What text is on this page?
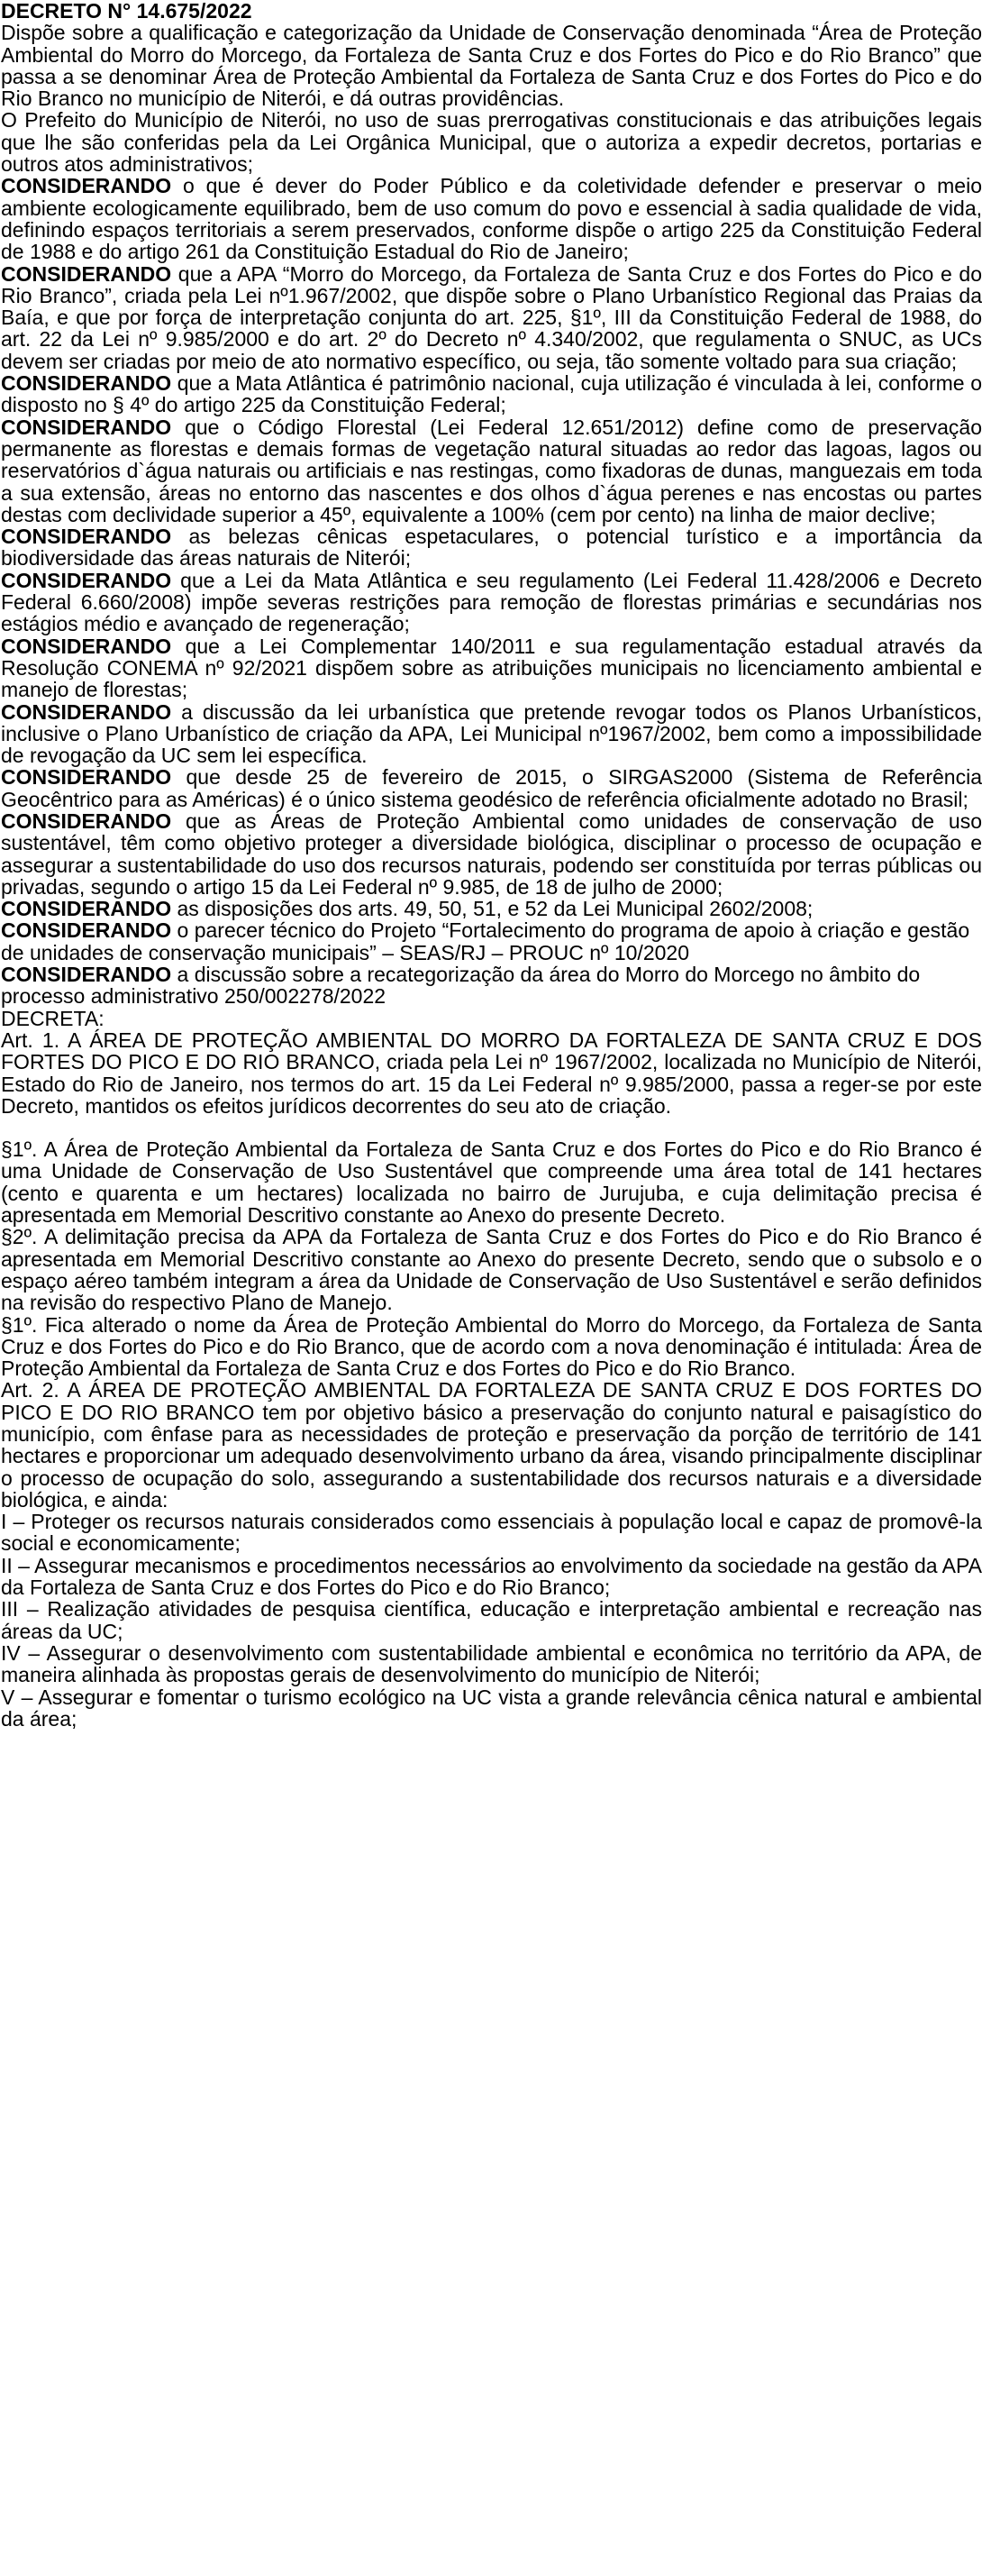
DECRETO N° 14.675/2022

Dispõe sobre a qualificação e categorização da Unidade de Conservação denominada “Área de Proteção Ambiental do Morro do Morcego, da Fortaleza de Santa Cruz e dos Fortes do Pico e do Rio Branco” que passa a se denominar Área de Proteção Ambiental da Fortaleza de Santa Cruz e dos Fortes do Pico e do Rio Branco no município de Niterói, e dá outras providências.

O Prefeito do Município de Niterói, no uso de suas prerrogativas constitucionais e das atribuições legais que lhe são conferidas pela da Lei Orgânica Municipal, que o autoriza a expedir decretos, portarias e outros atos administrativos;

CONSIDERANDO o que é dever do Poder Público e da coletividade defender e preservar o meio ambiente ecologicamente equilibrado, bem de uso comum do povo e essencial à sadia qualidade de vida, definindo espaços territoriais a serem preservados, conforme dispõe o artigo 225 da Constituição Federal de 1988 e do artigo 261 da Constituição Estadual do Rio de Janeiro;

CONSIDERANDO que a APA “Morro do Morcego, da Fortaleza de Santa Cruz e dos Fortes do Pico e do Rio Branco”, criada pela Lei nº1.967/2002, que dispõe sobre o Plano Urbanístico Regional das Praias da Baía, e que por força de interpretação conjunta do art. 225, §1º, III da Constituição Federal de 1988, do art. 22 da Lei nº 9.985/2000 e do art. 2º do Decreto nº 4.340/2002, que regulamenta o SNUC, as UCs devem ser criadas por meio de ato normativo específico, ou seja, tão somente voltado para sua criação;

CONSIDERANDO que a Mata Atlântica é patrimônio nacional, cuja utilização é vinculada à lei, conforme o disposto no § 4º do artigo 225 da Constituição Federal;

CONSIDERANDO que o Código Florestal (Lei Federal 12.651/2012) define como de preservação permanente as florestas e demais formas de vegetação natural situadas ao redor das lagoas, lagos ou reservatórios d`água naturais ou artificiais e nas restingas, como fixadoras de dunas, manguezais em toda a sua extensão, áreas no entorno das nascentes e dos olhos d`água perenes e nas encostas ou partes destas com declividade superior a 45º, equivalente a 100% (cem por cento) na linha de maior declive;

CONSIDERANDO as belezas cênicas espetaculares, o potencial turístico e a importância da biodiversidade das áreas naturais de Niterói;

CONSIDERANDO que a Lei da Mata Atlântica e seu regulamento (Lei Federal 11.428/2006 e Decreto Federal 6.660/2008) impõe severas restrições para remoção de florestas primárias e secundárias nos estágios médio e avançado de regeneração;

CONSIDERANDO que a Lei Complementar 140/2011 e sua regulamentação estadual através da Resolução CONEMA nº 92/2021 dispõem sobre as atribuições municipais no licenciamento ambiental e manejo de florestas;

CONSIDERANDO a discussão da lei urbanística que pretende revogar todos os Planos Urbanísticos, inclusive o Plano Urbanístico de criação da APA, Lei Municipal nº1967/2002, bem como a impossibilidade de revogação da UC sem lei específica.

CONSIDERANDO que desde 25 de fevereiro de 2015, o SIRGAS2000 (Sistema de Referência Geocêntrico para as Américas) é o único sistema geodésico de referência oficialmente adotado no Brasil;

CONSIDERANDO que as Áreas de Proteção Ambiental como unidades de conservação de uso sustentável, têm como objetivo proteger a diversidade biológica, disciplinar o processo de ocupação e assegurar a sustentabilidade do uso dos recursos naturais, podendo ser constituída por terras públicas ou privadas, segundo o artigo 15 da Lei Federal nº 9.985, de 18 de julho de 2000;

CONSIDERANDO as disposições dos arts. 49, 50, 51, e 52 da Lei Municipal 2602/2008;

CONSIDERANDO o parecer técnico do Projeto “Fortalecimento do programa de apoio à criação e gestão de unidades de conservação municipais” – SEAS/RJ – PROUC nº 10/2020

CONSIDERANDO a discussão sobre a recategorização da área do Morro do Morcego no âmbito do processo administrativo 250/002278/2022

DECRETA:

Art. 1. A ÁREA DE PROTEÇÃO AMBIENTAL DO MORRO DA FORTALEZA DE SANTA CRUZ E DOS FORTES DO PICO E DO RIO BRANCO, criada pela Lei nº 1967/2002, localizada no Município de Niterói, Estado do Rio de Janeiro, nos termos do art. 15 da Lei Federal nº 9.985/2000, passa a reger-se por este Decreto, mantidos os efeitos jurídicos decorrentes do seu ato de criação.

§1º. A Área de Proteção Ambiental da Fortaleza de Santa Cruz e dos Fortes do Pico e do Rio Branco é uma Unidade de Conservação de Uso Sustentável que compreende uma área total de 141 hectares (cento e quarenta e um hectares) localizada no bairro de Jurujuba, e cuja delimitação precisa é apresentada em Memorial Descritivo constante ao Anexo do presente Decreto.

§2º. A delimitação precisa da APA da Fortaleza de Santa Cruz e dos Fortes do Pico e do Rio Branco é apresentada em Memorial Descritivo constante ao Anexo do presente Decreto, sendo que o subsolo e o espaço aéreo também integram a área da Unidade de Conservação de Uso Sustentável e serão definidos na revisão do respectivo Plano de Manejo.

§1º. Fica alterado o nome da Área de Proteção Ambiental do Morro do Morcego, da Fortaleza de Santa Cruz e dos Fortes do Pico e do Rio Branco, que de acordo com a nova denominação é intitulada: Área de Proteção Ambiental da Fortaleza de Santa Cruz e dos Fortes do Pico e do Rio Branco.

Art. 2. A ÁREA DE PROTEÇÃO AMBIENTAL DA FORTALEZA DE SANTA CRUZ E DOS FORTES DO PICO E DO RIO BRANCO tem por objetivo básico a preservação do conjunto natural e paisagístico do município, com ênfase para as necessidades de proteção e preservação da porção de território de 141 hectares e proporcionar um adequado desenvolvimento urbano da área, visando principalmente disciplinar o processo de ocupação do solo, assegurando a sustentabilidade dos recursos naturais e a diversidade biológica, e ainda:

I – Proteger os recursos naturais considerados como essenciais à população local e capaz de promovê-la social e economicamente;

II – Assegurar mecanismos e procedimentos necessários ao envolvimento da sociedade na gestão da APA da Fortaleza de Santa Cruz e dos Fortes do Pico e do Rio Branco;

III – Realização atividades de pesquisa científica, educação e interpretação ambiental e recreação nas áreas da UC;

IV – Assegurar o desenvolvimento com sustentabilidade ambiental e econômica no território da APA, de maneira alinhada às propostas gerais de desenvolvimento do município de Niterói;

V – Assegurar e fomentar o turismo ecológico na UC vista a grande relevância cênica natural e ambiental da área;
